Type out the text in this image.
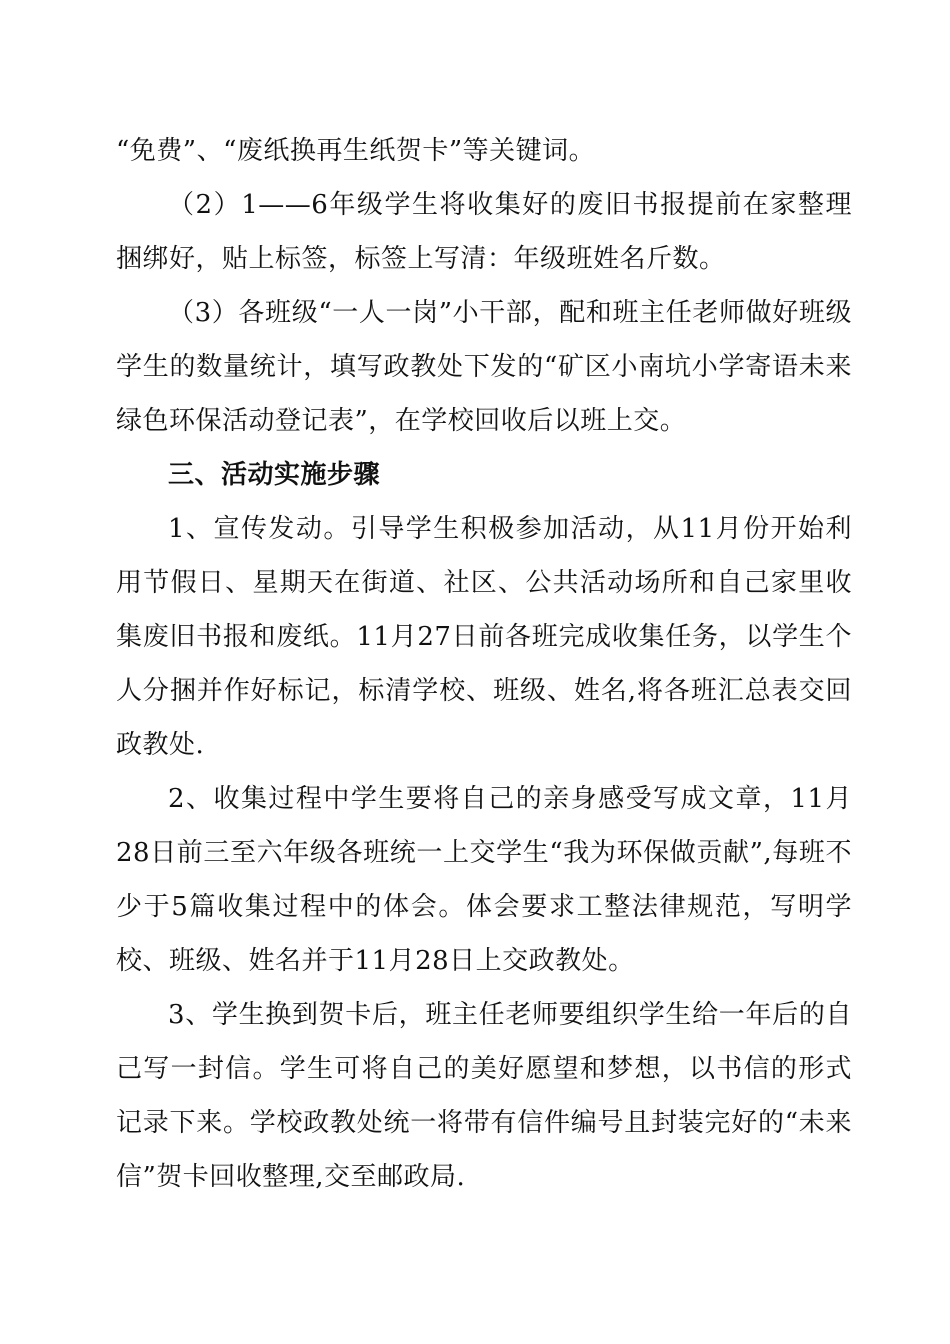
“免费”、“废纸换再生纸贺卡”等关键词。

（2）1——6年级学生将收集好的废旧书报提前在家整理捆绑好，贴上标签，标签上写清：年级班姓名斤数。

（3）各班级“一人一岗”小干部，配和班主任老师做好班级学生的数量统计，填写政教处下发的“矿区小南坑小学寄语未来绿色环保活动登记表”，在学校回收后以班上交。

三、活动实施步骤

1、宣传发动。引导学生积极参加活动，从11月份开始利用节假日、星期天在街道、社区、公共活动场所和自己家里收集废旧书报和废纸。11月27日前各班完成收集任务，以学生个人分捆并作好标记，标清学校、班级、姓名,将各班汇总表交回政教处.

2、收集过程中学生要将自己的亲身感受写成文章，11月28日前三至六年级各班统一上交学生“我为环保做贡献”,每班不少于5篇收集过程中的体会。体会要求工整法律规范，写明学校、班级、姓名并于11月28日上交政教处。

3、学生换到贺卡后，班主任老师要组织学生给一年后的自己写一封信。学生可将自己的美好愿望和梦想，以书信的形式记录下来。学校政教处统一将带有信件编号且封装完好的“未来信”贺卡回收整理,交至邮政局.
